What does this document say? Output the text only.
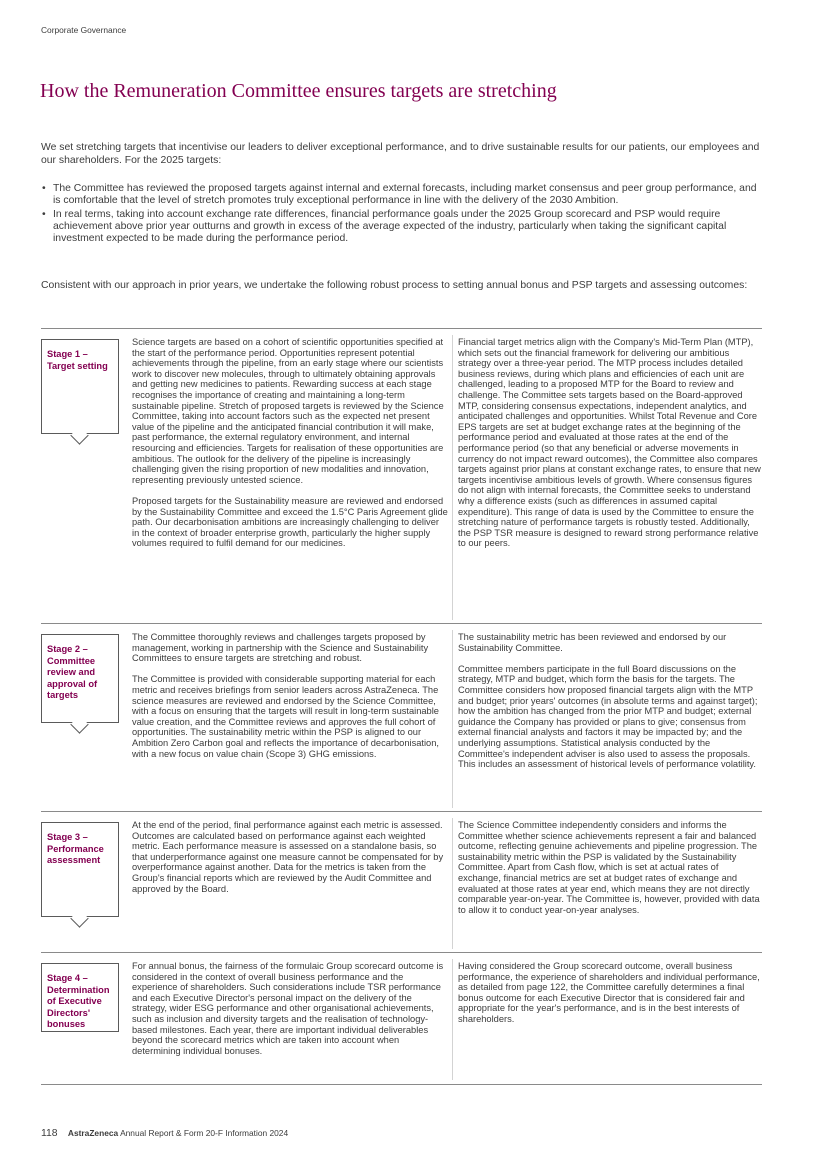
Corporate Governance
How the Remuneration Committee ensures targets are stretching

We set stretching targets that incentivise our leaders to deliver exceptional performance, and to drive sustainable results for our patients, our employees and our shareholders. For the 2025 targets:

• The Committee has reviewed the proposed targets against internal and external forecasts, including market consensus and peer group performance, and is comfortable that the level of stretch promotes truly exceptional performance in line with the delivery of the 2030 Ambition.
• In real terms, taking into account exchange rate differences, financial performance goals under the 2025 Group scorecard and PSP would require achievement above prior year outturns and growth in excess of the average expected of the industry, particularly when taking the significant capital investment expected to be made during the performance period.

Consistent with our approach in prior years, we undertake the following robust process to setting annual bonus and PSP targets and assessing outcomes:

Stage 1 – Target setting

Science targets are based on a cohort of scientific opportunities specified at the start of the performance period. Opportunities represent potential achievements through the pipeline, from an early stage where our scientists work to discover new molecules, through to ultimately obtaining approvals and getting new medicines to patients. Rewarding success at each stage recognises the importance of creating and maintaining a long-term sustainable pipeline. Stretch of proposed targets is reviewed by the Science Committee, taking into account factors such as the expected net present value of the pipeline and the anticipated financial contribution it will make, past performance, the external regulatory environment, and internal resourcing and efficiencies. Targets for realisation of these opportunities are ambitious. The outlook for the delivery of the pipeline is increasingly challenging given the rising proportion of new modalities and innovation, representing previously untested science.

Proposed targets for the Sustainability measure are reviewed and endorsed by the Sustainability Committee and exceed the 1.5°C Paris Agreement glide path. Our decarbonisation ambitions are increasingly challenging to deliver in the context of broader enterprise growth, particularly the higher supply volumes required to fulfil demand for our medicines.

Financial target metrics align with the Company's Mid-Term Plan (MTP), which sets out the financial framework for delivering our ambitious strategy over a three-year period. The MTP process includes detailed business reviews, during which plans and efficiencies of each unit are challenged, leading to a proposed MTP for the Board to review and challenge. The Committee sets targets based on the Board-approved MTP, considering consensus expectations, independent analytics, and anticipated challenges and opportunities. Whilst Total Revenue and Core EPS targets are set at budget exchange rates at the beginning of the performance period and evaluated at those rates at the end of the performance period (so that any beneficial or adverse movements in currency do not impact reward outcomes), the Committee also compares targets against prior plans at constant exchange rates, to ensure that new targets incentivise ambitious levels of growth. Where consensus figures do not align with internal forecasts, the Committee seeks to understand why a difference exists (such as differences in assumed capital expenditure). This range of data is used by the Committee to ensure the stretching nature of performance targets is robustly tested. Additionally, the PSP TSR measure is designed to reward strong performance relative to our peers.

Stage 2 – Committee review and approval of targets

The Committee thoroughly reviews and challenges targets proposed by management, working in partnership with the Science and Sustainability Committees to ensure targets are stretching and robust.

The Committee is provided with considerable supporting material for each metric and receives briefings from senior leaders across AstraZeneca. The science measures are reviewed and endorsed by the Science Committee, with a focus on ensuring that the targets will result in long-term sustainable value creation, and the Committee reviews and approves the full cohort of opportunities. The sustainability metric within the PSP is aligned to our Ambition Zero Carbon goal and reflects the importance of decarbonisation, with a new focus on value chain (Scope 3) GHG emissions.

The sustainability metric has been reviewed and endorsed by our Sustainability Committee.

Committee members participate in the full Board discussions on the strategy, MTP and budget, which form the basis for the targets. The Committee considers how proposed financial targets align with the MTP and budget; prior years' outcomes (in absolute terms and against target); how the ambition has changed from the prior MTP and budget; external guidance the Company has provided or plans to give; consensus from external financial analysts and factors it may be impacted by; and the underlying assumptions. Statistical analysis conducted by the Committee's independent adviser is also used to assess the proposals. This includes an assessment of historical levels of performance volatility.

Stage 3 – Performance assessment

At the end of the period, final performance against each metric is assessed. Outcomes are calculated based on performance against each weighted metric. Each performance measure is assessed on a standalone basis, so that underperformance against one measure cannot be compensated for by overperformance against another. Data for the metrics is taken from the Group's financial reports which are reviewed by the Audit Committee and approved by the Board.

The Science Committee independently considers and informs the Committee whether science achievements represent a fair and balanced outcome, reflecting genuine achievements and pipeline progression. The sustainability metric within the PSP is validated by the Sustainability Committee. Apart from Cash flow, which is set at actual rates of exchange, financial metrics are set at budget rates of exchange and evaluated at those rates at year end, which means they are not directly comparable year-on-year. The Committee is, however, provided with data to allow it to conduct year-on-year analyses.

Stage 4 – Determination of Executive Directors' bonuses

For annual bonus, the fairness of the formulaic Group scorecard outcome is considered in the context of overall business performance and the experience of shareholders. Such considerations include TSR performance and each Executive Director's personal impact on the delivery of the strategy, wider ESG performance and other organisational achievements, such as inclusion and diversity targets and the realisation of technology-based milestones. Each year, there are important individual deliverables beyond the scorecard metrics which are taken into account when determining individual bonuses.

Having considered the Group scorecard outcome, overall business performance, the experience of shareholders and individual performance, as detailed from page 122, the Committee carefully determines a final bonus outcome for each Executive Director that is considered fair and appropriate for the year's performance, and is in the best interests of shareholders.

118 AstraZeneca Annual Report & Form 20-F Information 2024
